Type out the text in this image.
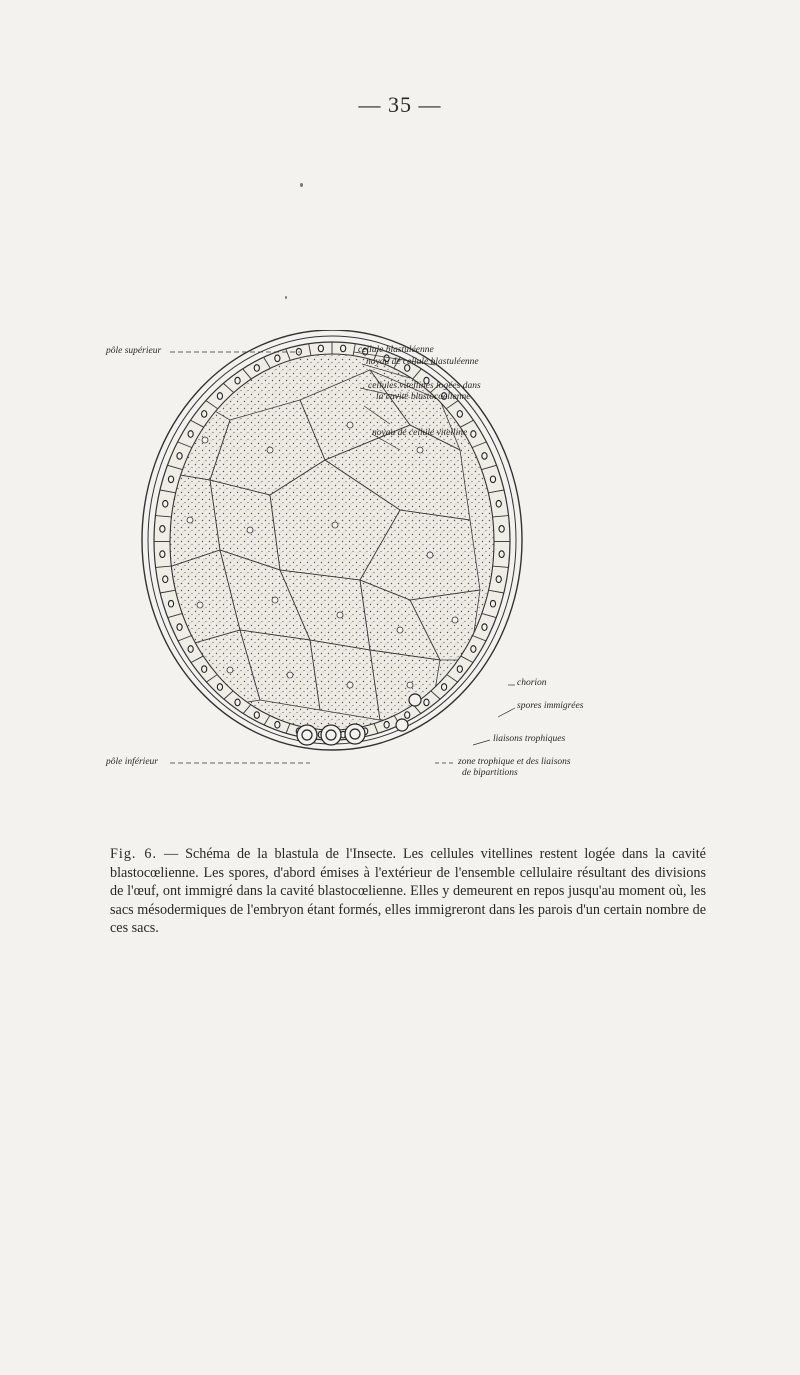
— 35 —
pôle supérieur
pôle inférieur
cellule blastuléenne
noyau de cellule blastuléenne
cellules vitellines logées dans
la cavité blastocoelienne
noyau de cellule vitelline
chorion
spores immigrées
liaisons trophiques
zone trophique et des liaisons
de bipartitions

Fig. 6. — Schéma de la blastula de l'Insecte. Les cellules vitellines restent logée dans la cavité blastocœlienne. Les spores, d'abord émises à l'extérieur de l'ensemble cellulaire résultant des divisions de l'œuf, ont immigré dans la cavité blastocœlienne. Elles y demeurent en repos jusqu'au moment où, les sacs mésodermiques de l'embryon étant formés, elles immigreront dans les parois d'un certain nombre de ces sacs.
